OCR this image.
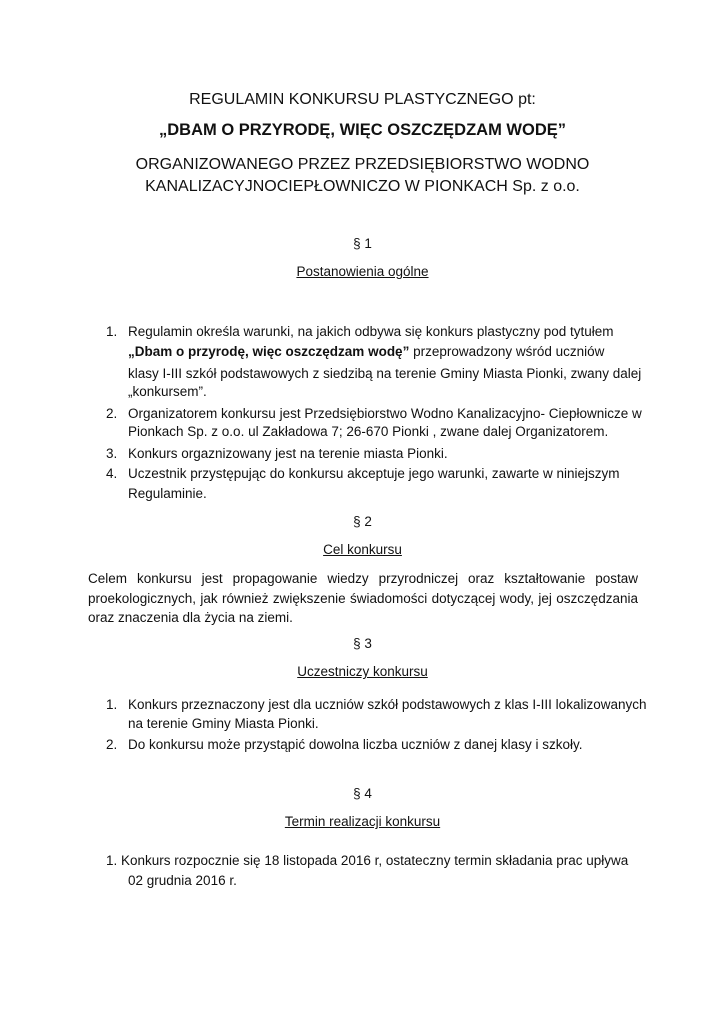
REGULAMIN KONKURSU PLASTYCZNEGO pt:
„DBAM O PRZYRODĘ, WIĘC OSZCZĘDZAM WODĘ”
ORGANIZOWANEGO PRZEZ PRZEDSIĘBIORSTWO WODNO
KANALIZACYJNOCIEPŁOWNICZO W PIONKACH Sp. z o.o.
§ 1
Postanowienia ogólne
1. Regulamin określa warunki, na jakich odbywa się konkurs plastyczny pod tytułem
„Dbam o przyrodę, więc oszczędzam wodę” przeprowadzony wśród uczniów
klasy I-III szkół podstawowych z siedzibą na terenie Gminy Miasta Pionki, zwany dalej
„konkursem”.
2. Organizatorem konkursu jest Przedsiębiorstwo Wodno Kanalizacyjno- Ciepłownicze w
Pionkach Sp. z o.o. ul Zakładowa 7; 26-670 Pionki , zwane dalej Organizatorem.
3. Konkurs orgaznizowany jest na terenie miasta Pionki.
4. Uczestnik przystępując do konkursu akceptuje jego warunki, zawarte w niniejszym
Regulaminie.
§ 2
Cel konkursu
Celem konkursu jest propagowanie wiedzy przyrodniczej oraz kształtowanie postaw proekologicznych, jak również zwiększenie świadomości dotyczącej wody, jej oszczędzania oraz znaczenia dla życia na ziemi.
§ 3
Uczestniczy konkursu
1. Konkurs przeznaczony jest dla uczniów szkół podstawowych z klas I-III lokalizowanych
na terenie Gminy Miasta Pionki.
2. Do konkursu może przystąpić dowolna liczba uczniów z danej klasy i szkoły.
§ 4
Termin realizacji konkursu
1. Konkurs rozpocznie się 18 listopada 2016 r, ostateczny termin składania prac upływa
02 grudnia 2016 r.
